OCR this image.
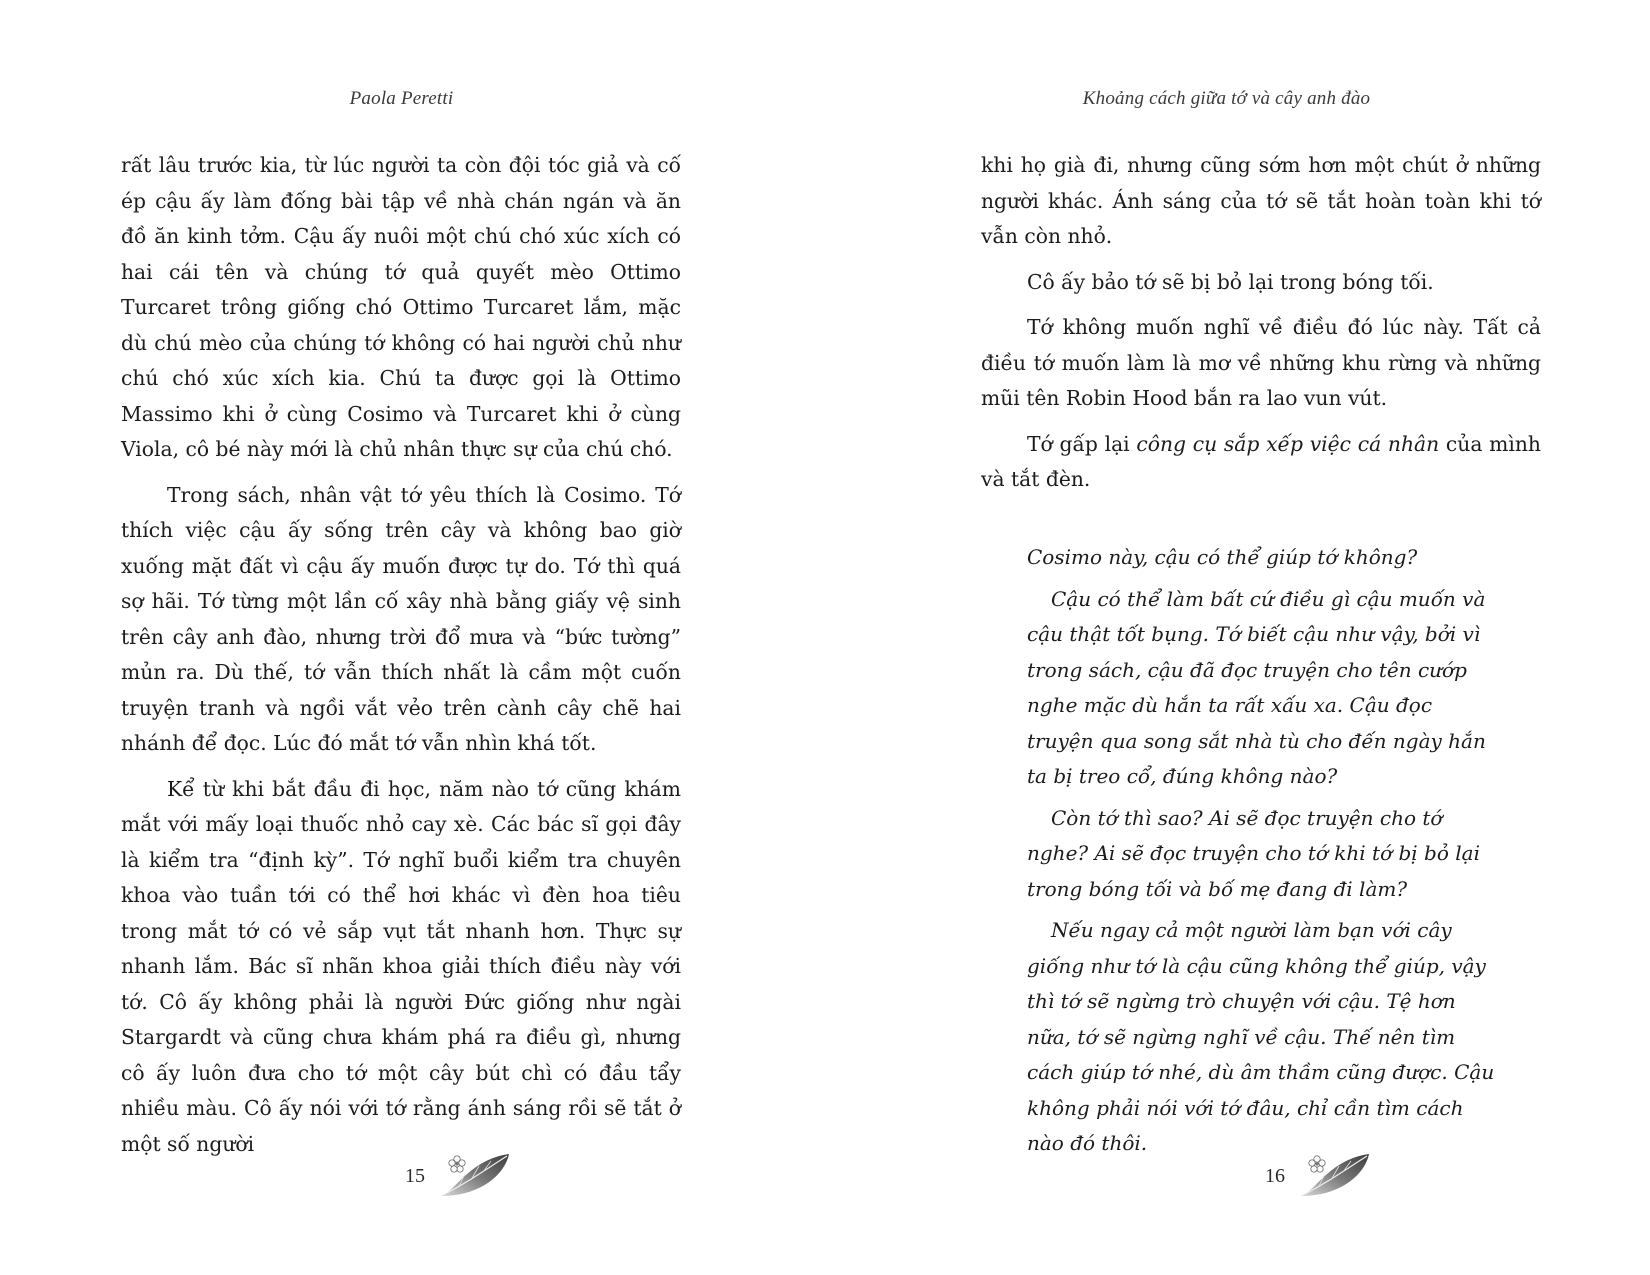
Paola Peretti

rất lâu trước kia, từ lúc người ta còn đội tóc giả và cố ép cậu ấy làm đống bài tập về nhà chán ngán và ăn đồ ăn kinh tởm. Cậu ấy nuôi một chú chó xúc xích có hai cái tên và chúng tớ quả quyết mèo Ottimo Turcaret trông giống chó Ottimo Turcaret lắm, mặc dù chú mèo của chúng tớ không có hai người chủ như chú chó xúc xích kia. Chú ta được gọi là Ottimo Massimo khi ở cùng Cosimo và Turcaret khi ở cùng Viola, cô bé này mới là chủ nhân thực sự của chú chó.

Trong sách, nhân vật tớ yêu thích là Cosimo. Tớ thích việc cậu ấy sống trên cây và không bao giờ xuống mặt đất vì cậu ấy muốn được tự do. Tớ thì quá sợ hãi. Tớ từng một lần cố xây nhà bằng giấy vệ sinh trên cây anh đào, nhưng trời đổ mưa và “bức tường” mủn ra. Dù thế, tớ vẫn thích nhất là cầm một cuốn truyện tranh và ngồi vắt vẻo trên cành cây chẽ hai nhánh để đọc. Lúc đó mắt tớ vẫn nhìn khá tốt.

Kể từ khi bắt đầu đi học, năm nào tớ cũng khám mắt với mấy loại thuốc nhỏ cay xè. Các bác sĩ gọi đây là kiểm tra “định kỳ”. Tớ nghĩ buổi kiểm tra chuyên khoa vào tuần tới có thể hơi khác vì đèn hoa tiêu trong mắt tớ có vẻ sắp vụt tắt nhanh hơn. Thực sự nhanh lắm. Bác sĩ nhãn khoa giải thích điều này với tớ. Cô ấy không phải là người Đức giống như ngài Stargardt và cũng chưa khám phá ra điều gì, nhưng cô ấy luôn đưa cho tớ một cây bút chì có đầu tẩy nhiều màu. Cô ấy nói với tớ rằng ánh sáng rồi sẽ tắt ở một số người

15
Khoảng cách giữa tớ và cây anh đào

khi họ già đi, nhưng cũng sớm hơn một chút ở những người khác. Ánh sáng của tớ sẽ tắt hoàn toàn khi tớ vẫn còn nhỏ.

Cô ấy bảo tớ sẽ bị bỏ lại trong bóng tối.

Tớ không muốn nghĩ về điều đó lúc này. Tất cả điều tớ muốn làm là mơ về những khu rừng và những mũi tên Robin Hood bắn ra lao vun vút.

Tớ gấp lại công cụ sắp xếp việc cá nhân của mình và tắt đèn.

Cosimo này, cậu có thể giúp tớ không?

Cậu có thể làm bất cứ điều gì cậu muốn và cậu thật tốt bụng. Tớ biết cậu như vậy, bởi vì trong sách, cậu đã đọc truyện cho tên cướp nghe mặc dù hắn ta rất xấu xa. Cậu đọc truyện qua song sắt nhà tù cho đến ngày hắn ta bị treo cổ, đúng không nào?

Còn tớ thì sao? Ai sẽ đọc truyện cho tớ nghe? Ai sẽ đọc truyện cho tớ khi tớ bị bỏ lại trong bóng tối và bố mẹ đang đi làm?

Nếu ngay cả một người làm bạn với cây giống như tớ là cậu cũng không thể giúp, vậy thì tớ sẽ ngừng trò chuyện với cậu. Tệ hơn nữa, tớ sẽ ngừng nghĩ về cậu. Thế nên tìm cách giúp tớ nhé, dù âm thầm cũng được. Cậu không phải nói với tớ đâu, chỉ cần tìm cách nào đó thôi.

16
